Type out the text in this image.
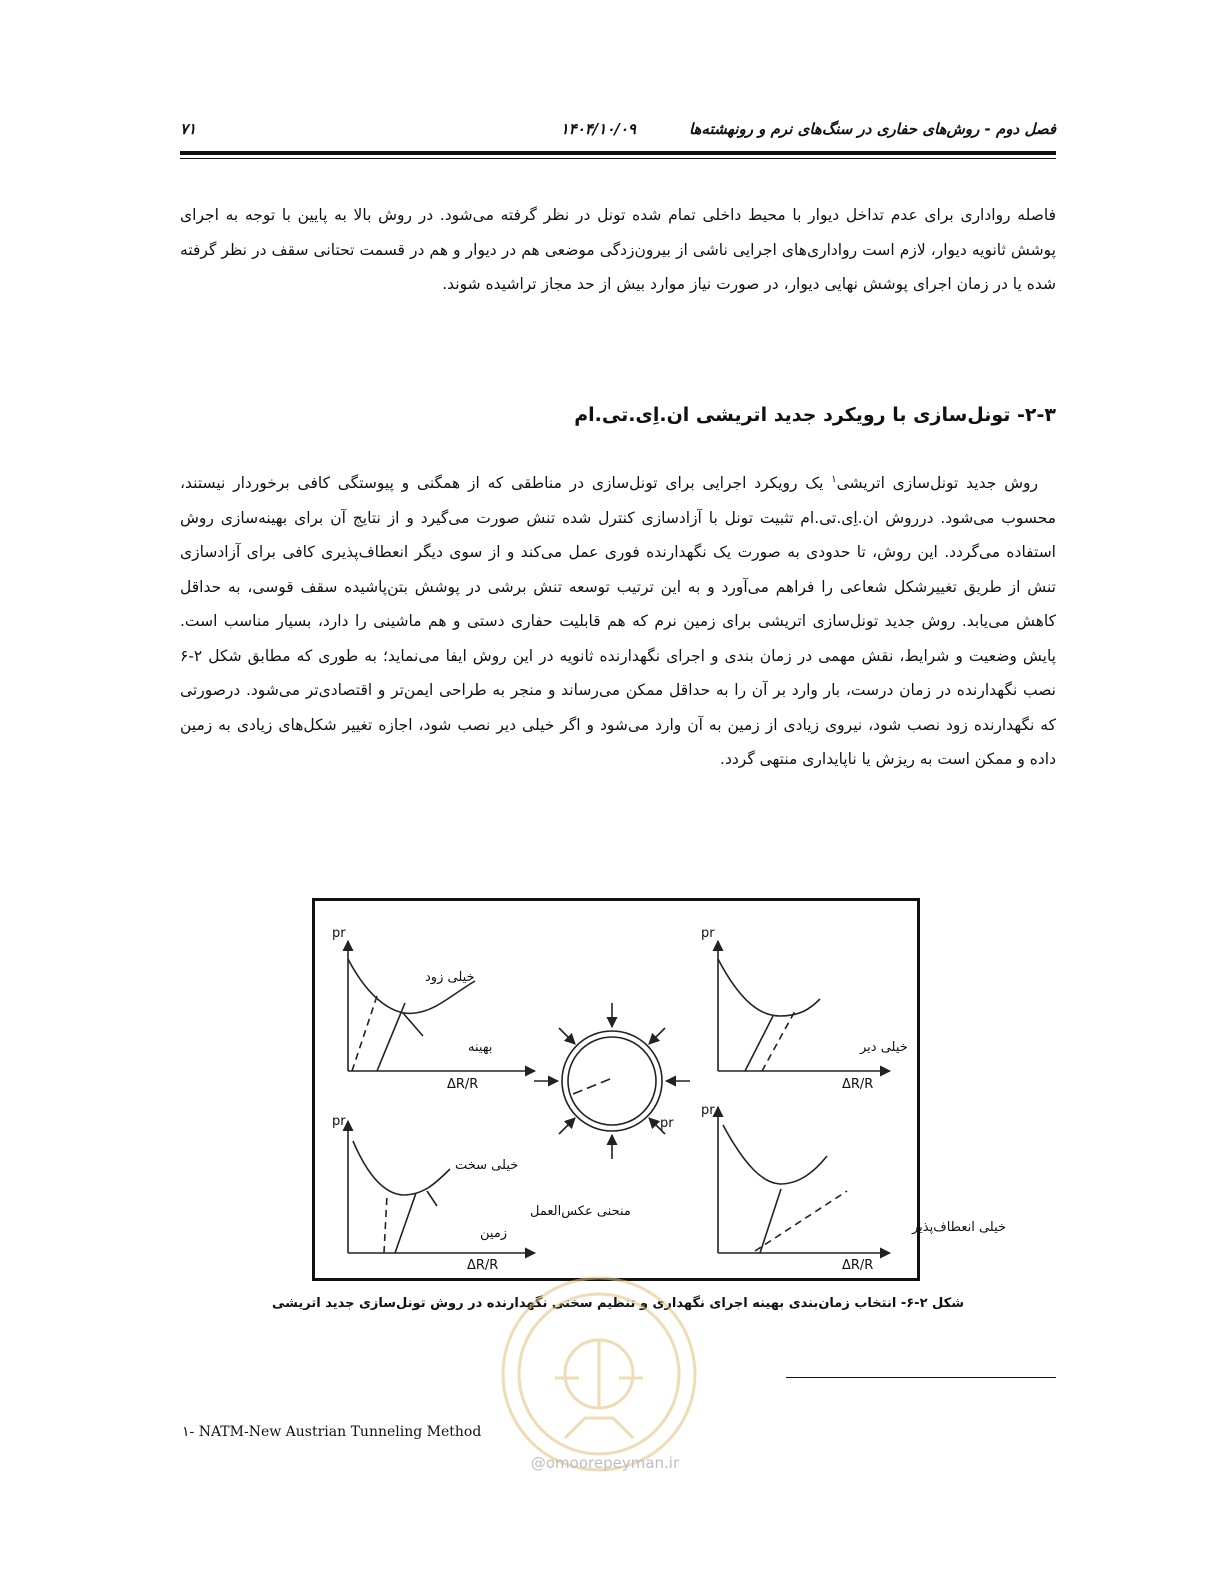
فصل دوم - روش‌های حفاری در سنگ‌های نرم و رونهشته‌ها
۱۴۰۴/۱۰/۰۹
۷۱

فاصله رواداری برای عدم تداخل دیوار با محیط داخلی تمام شده تونل در نظر گرفته می‌شود. در روش بالا به پایین با توجه به اجرای پوشش ثانویه دیوار، لازم است رواداری‌های اجرایی ناشی از بیرون‌زدگی موضعی هم در دیوار و هم در قسمت تحتانی سقف در نظر گرفته شده یا در زمان اجرای پوشش نهایی دیوار، در صورت نیاز موارد بیش از حد مجاز تراشیده شوند.

۲-۳- تونل‌سازی با رویکرد جدید اتریشی ان.اِی.تی.ام

روش جدید تونل‌سازی اتریشی$^۱$ یک رویکرد اجرایی برای تونل‌سازی در مناطقی که از همگنی و پیوستگی کافی برخوردار نیستند، محسوب می‌شود. درروش ان.اِی.تی.ام تثبیت تونل با آزادسازی کنترل شده تنش صورت می‌گیرد و از نتایج آن برای بهینه‌سازی روش استفاده می‌گردد. این روش، تا حدودی به صورت یک نگهدارنده فوری عمل می‌کند و از سوی دیگر انعطاف‌پذیری کافی برای آزادسازی تنش از طریق تغییرشکل شعاعی را فراهم می‌آورد و به این ترتیب توسعه تنش برشی در پوشش بتن‌پاشیده سقف قوسی، به حداقل کاهش می‌یابد. روش جدید تونل‌سازی اتریشی برای زمین نرم که هم قابلیت حفاری دستی و هم ماشینی را دارد، بسیار مناسب است. پایش وضعیت و شرایط، نقش مهمی در زمان بندی و اجرای نگهدارنده ثانویه در این روش ایفا می‌نماید؛ به طوری که مطابق شکل ۲-۶ نصب نگهدارنده در زمان درست، بار وارد بر آن را به حداقل ممکن می‌رساند و منجر به طراحی ایمن‌تر و اقتصادی‌تر می‌شود. درصورتی که نگهدارنده زود نصب شود، نیروی زیادی از زمین به آن وارد می‌شود و اگر خیلی دیر نصب شود، اجازه تغییر شکل‌های زیادی به زمین داده و ممکن است به ریزش یا ناپایداری منتهی گردد.

pr
ΔR/R
pr
ΔR/R
pr
ΔR/R
pr
ΔR/R
pr
خیلی زود
بهینه	خیلی دیر
خیلی سخت
منحنی عکس‌العمل
زمین	خیلی انعطاف‌پذیر
شکل ۲-۶- انتخاب زمان‌بندی بهینه اجرای نگهداری و تنظیم سختی نگهدارنده در روش تونل‌سازی جدید اتریشی
@omoorepeyman.ir
۱- NATM-New Austrian Tunneling Method
